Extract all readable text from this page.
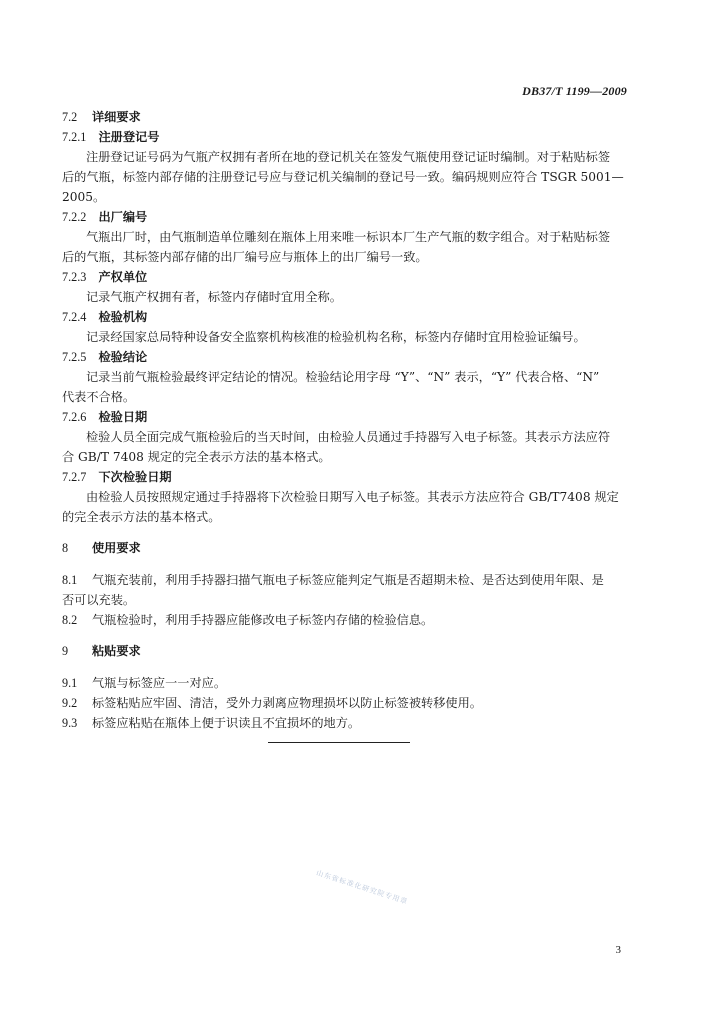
DB37/T 1199—2009
7.2 详细要求
7.2.1 注册登记号
注册登记证号码为气瓶产权拥有者所在地的登记机关在签发气瓶使用登记证时编制。对于粘贴标签
后的气瓶，标签内部存储的注册登记号应与登记机关编制的登记号一致。编码规则应符合 TSGR 5001—
2005。
7.2.2 出厂编号
气瓶出厂时，由气瓶制造单位雕刻在瓶体上用来唯一标识本厂生产气瓶的数字组合。对于粘贴标签
后的气瓶，其标签内部存储的出厂编号应与瓶体上的出厂编号一致。
7.2.3 产权单位
记录气瓶产权拥有者，标签内存储时宜用全称。
7.2.4 检验机构
记录经国家总局特种设备安全监察机构核准的检验机构名称，标签内存储时宜用检验证编号。
7.2.5 检验结论
记录当前气瓶检验最终评定结论的情况。检验结论用字母 “Y”、“N” 表示，“Y” 代表合格、“N”
代表不合格。
7.2.6 检验日期
检验人员全面完成气瓶检验后的当天时间，由检验人员通过手持器写入电子标签。其表示方法应符
合 GB/T 7408 规定的完全表示方法的基本格式。
7.2.7 下次检验日期
由检验人员按照规定通过手持器将下次检验日期写入电子标签。其表示方法应符合 GB/T7408 规定
的完全表示方法的基本格式。
8 使用要求
8.1 气瓶充装前，利用手持器扫描气瓶电子标签应能判定气瓶是否超期未检、是否达到使用年限、是
否可以充装。
8.2 气瓶检验时，利用手持器应能修改电子标签内存储的检验信息。
9 粘贴要求
9.1 气瓶与标签应一一对应。
9.2 标签粘贴应牢固、清洁，受外力剥离应物理损坏以防止标签被转移使用。
9.3 标签应粘贴在瓶体上便于识读且不宜损坏的地方。
山东省标准化研究院专用章
3
